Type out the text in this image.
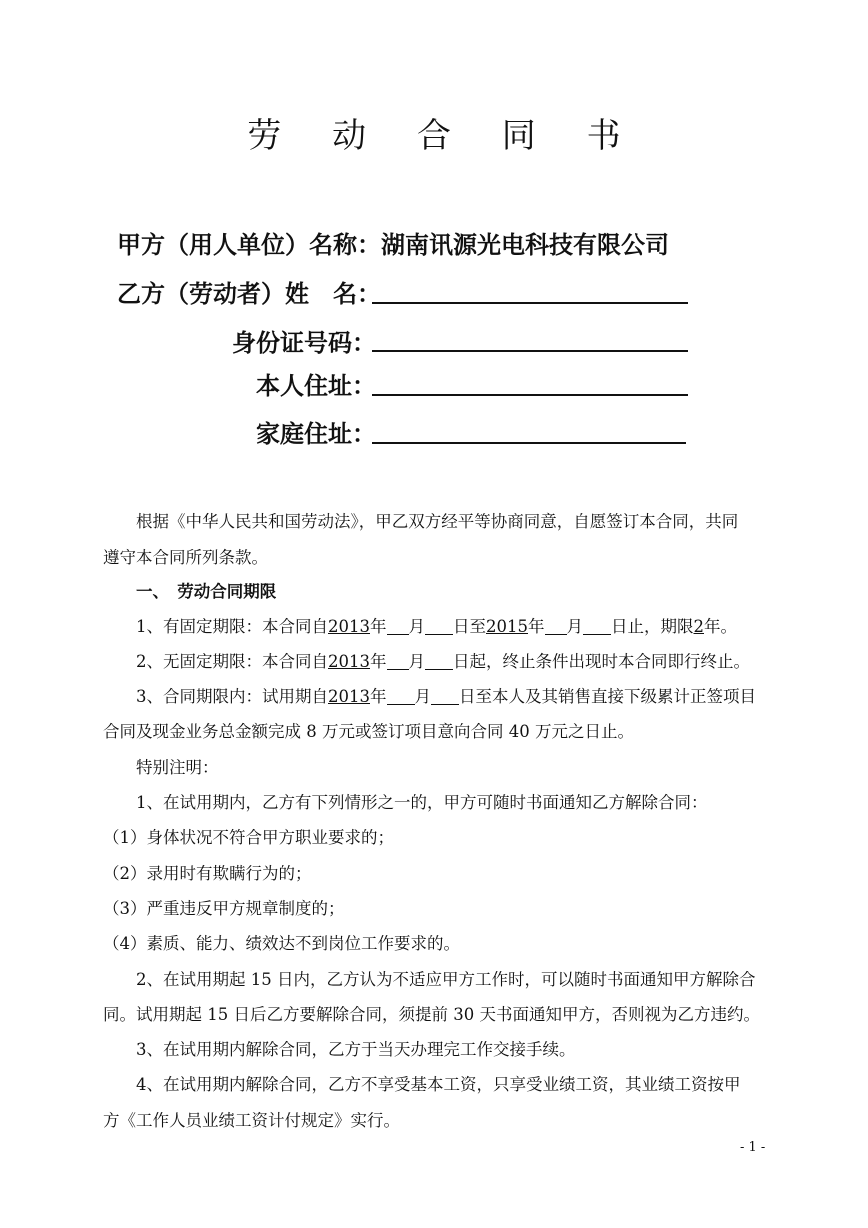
劳 动 合 同 书
甲方（用人单位）名称：湖南讯源光电科技有限公司
乙方（劳动者）姓　名：
身份证号码：
本人住址：
家庭住址：
根据《中华人民共和国劳动法》，甲乙双方经平等协商同意，自愿签订本合同，共同
遵守本合同所列条款。
一、　劳动合同期限
1、有固定期限：本合同自2013年 月 日至2015年 月 日止，期限2年。
2、无固定期限：本合同自2013年 月 日起，终止条件出现时本合同即行终止。
3、合同期限内：试用期自2013年 月 日至本人及其销售直接下级累计正签项目
合同及现金业务总金额完成 8 万元或签订项目意向合同 40 万元之日止。
特别注明：
1、在试用期内，乙方有下列情形之一的，甲方可随时书面通知乙方解除合同：
（1）身体状况不符合甲方职业要求的；
（2）录用时有欺瞒行为的；
（3）严重违反甲方规章制度的；
（4）素质、能力、绩效达不到岗位工作要求的。
2、在试用期起 15 日内，乙方认为不适应甲方工作时，可以随时书面通知甲方解除合
同。试用期起 15 日后乙方要解除合同，须提前 30 天书面通知甲方，否则视为乙方违约。
3、在试用期内解除合同，乙方于当天办理完工作交接手续。
4、在试用期内解除合同，乙方不享受基本工资，只享受业绩工资，其业绩工资按甲
方《工作人员业绩工资计付规定》实行。
- 1 -
